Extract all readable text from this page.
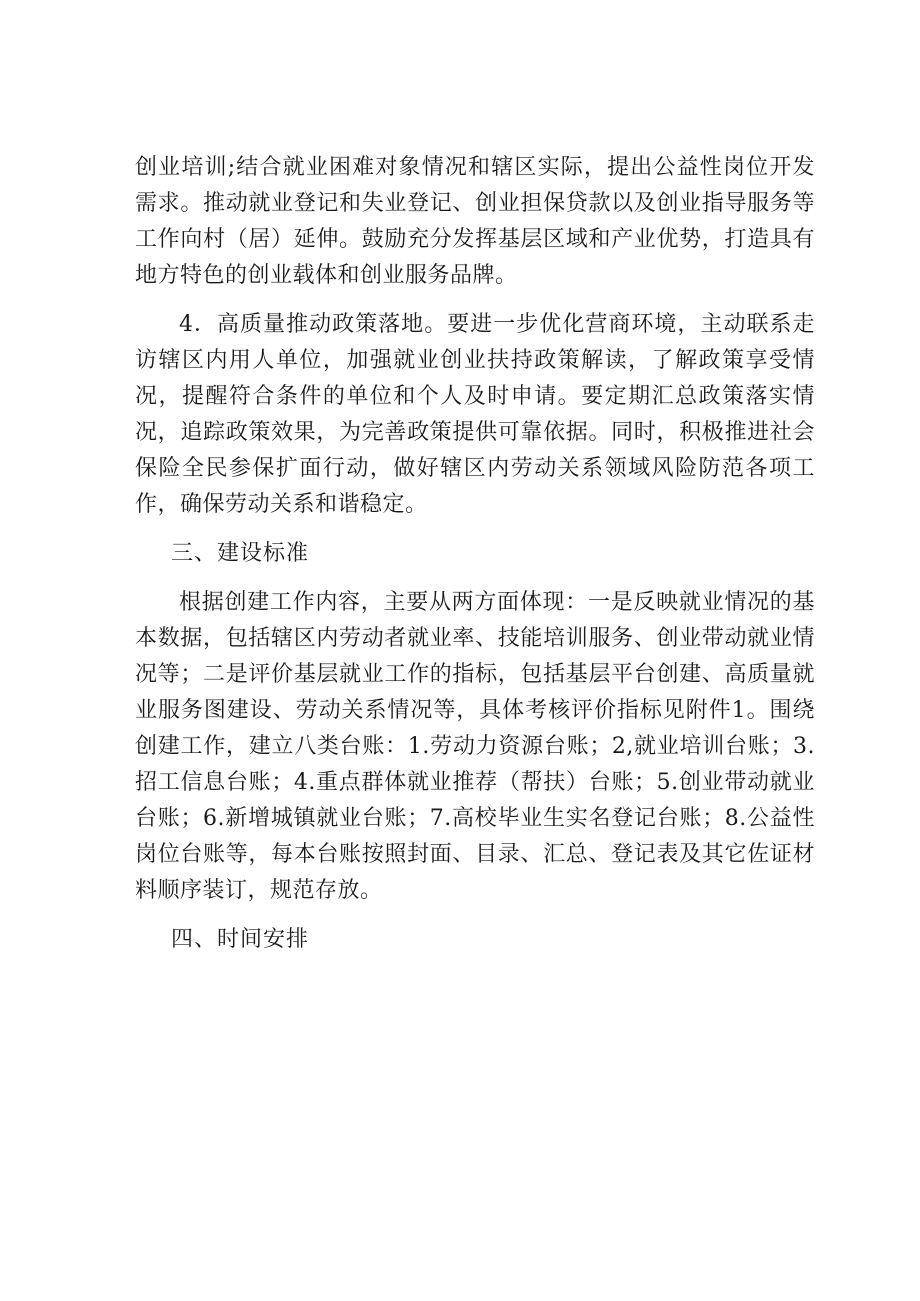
创业培训;结合就业困难对象情况和辖区实际，提出公益性岗位开发需求。推动就业登记和失业登记、创业担保贷款以及创业指导服务等工作向村（居）延伸。鼓励充分发挥基层区域和产业优势，打造具有地方特色的创业载体和创业服务品牌。

4．高质量推动政策落地。要进一步优化营商环境，主动联系走访辖区内用人单位，加强就业创业扶持政策解读，了解政策享受情况，提醒符合条件的单位和个人及时申请。要定期汇总政策落实情况，追踪政策效果，为完善政策提供可靠依据。同时，积极推进社会保险全民参保扩面行动，做好辖区内劳动关系领域风险防范各项工作，确保劳动关系和谐稳定。

三、建设标准

根据创建工作内容，主要从两方面体现：一是反映就业情况的基本数据，包括辖区内劳动者就业率、技能培训服务、创业带动就业情况等；二是评价基层就业工作的指标，包括基层平台创建、高质量就业服务图建设、劳动关系情况等，具体考核评价指标见附件1。围绕创建工作，建立八类台账：1.劳动力资源台账；2,就业培训台账；3.招工信息台账；4.重点群体就业推荐（帮扶）台账；5.创业带动就业台账；6.新增城镇就业台账；7.高校毕业生实名登记台账；8.公益性岗位台账等，每本台账按照封面、目录、汇总、登记表及其它佐证材料顺序装订，规范存放。

四、时间安排
